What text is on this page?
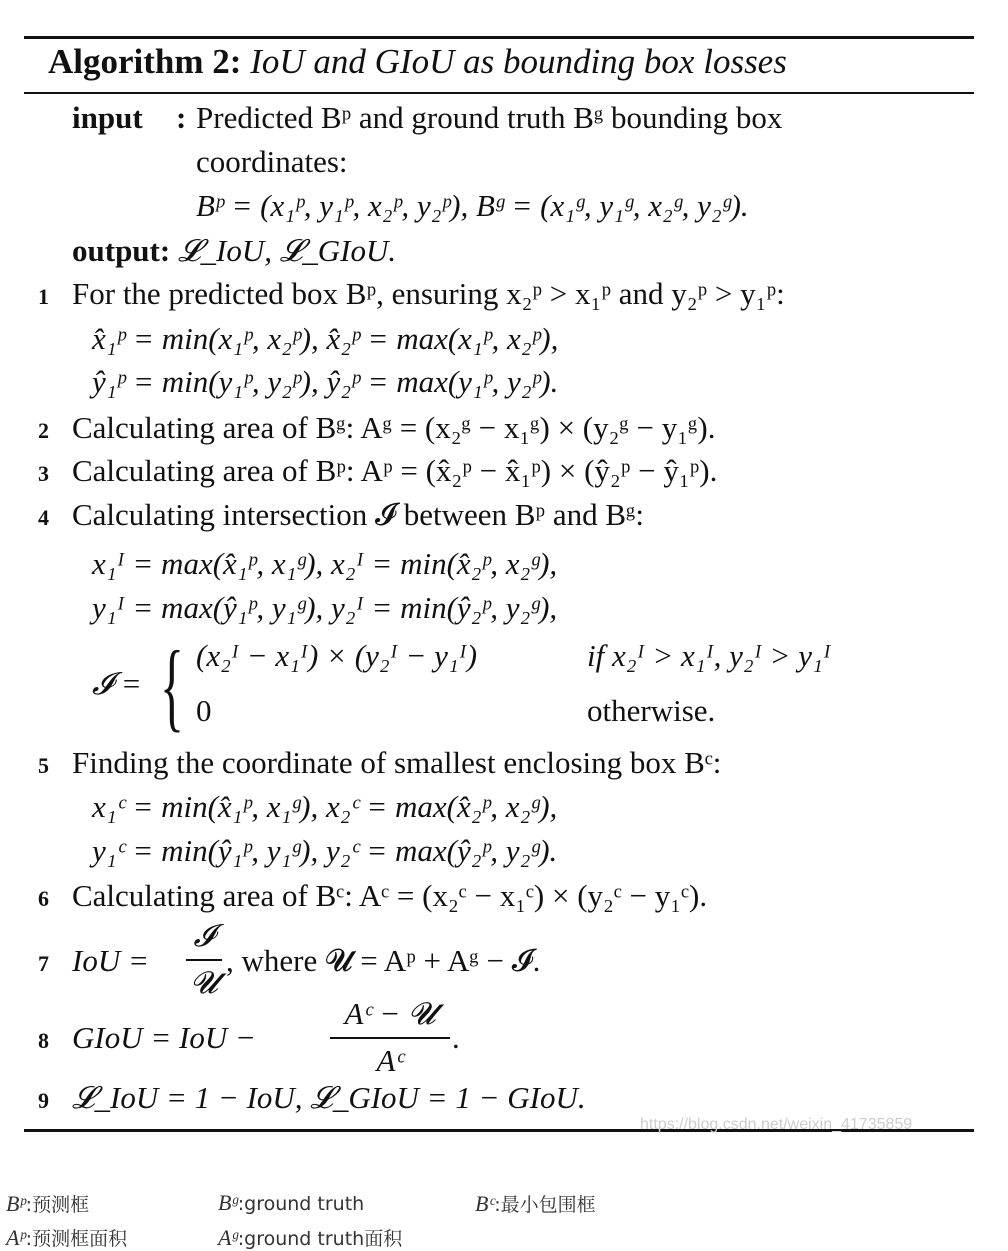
Algorithm 2: IoU and GIoU as bounding box losses
input : Predicted Bᵖ and ground truth Bᵍ bounding box
coordinates:
Bᵖ = (x₁ᵖ, y₁ᵖ, x₂ᵖ, y₂ᵖ), Bᵍ = (x₁ᵍ, y₁ᵍ, x₂ᵍ, y₂ᵍ).
output: 𝓛_IoU, 𝓛_GIoU.
1 For the predicted box Bᵖ, ensuring x₂ᵖ > x₁ᵖ and y₂ᵖ > y₁ᵖ:
x̂₁ᵖ = min(x₁ᵖ, x₂ᵖ), x̂₂ᵖ = max(x₁ᵖ, x₂ᵖ),
ŷ₁ᵖ = min(y₁ᵖ, y₂ᵖ), ŷ₂ᵖ = max(y₁ᵖ, y₂ᵖ).
2 Calculating area of Bᵍ: Aᵍ = (x₂ᵍ − x₁ᵍ) × (y₂ᵍ − y₁ᵍ).
3 Calculating area of Bᵖ: Aᵖ = (x̂₂ᵖ − x̂₁ᵖ) × (ŷ₂ᵖ − ŷ₁ᵖ).
4 Calculating intersection 𝓘 between Bᵖ and Bᵍ:
x₁ᴵ = max(x̂₁ᵖ, x₁ᵍ), x₂ᴵ = min(x̂₂ᵖ, x₂ᵍ),
y₁ᴵ = max(ŷ₁ᵖ, y₁ᵍ), y₂ᴵ = min(ŷ₂ᵖ, y₂ᵍ),
𝓘 = { (x₂ᴵ − x₁ᴵ) × (y₂ᴵ − y₁ᴵ)	if x₂ᴵ > x₁ᴵ, y₂ᴵ > y₁ᴵ
0	otherwise.
5 Finding the coordinate of smallest enclosing box Bᶜ:
x₁ᶜ = min(x̂₁ᵖ, x₁ᵍ), x₂ᶜ = max(x̂₂ᵖ, x₂ᵍ),
y₁ᶜ = min(ŷ₁ᵖ, y₁ᵍ), y₂ᶜ = max(ŷ₂ᵖ, y₂ᵍ).
6 Calculating area of Bᶜ: Aᶜ = (x₂ᶜ − x₁ᶜ) × (y₂ᶜ − y₁ᶜ).
7 IoU =
𝓘
𝓤
, where 𝓤 = Aᵖ + Aᵍ − 𝓘.
8 GIoU = IoU −
Aᶜ − 𝓤
Aᶜ
.
9 𝓛_IoU = 1 − IoU, 𝓛_GIoU = 1 − GIoU.
https://blog.csdn.net/weixin_41735859
Bᵖ:预测框	Bᵍ:ground truth	Bᶜ:最小包围框
Aᵖ:预测框面积	Aᵍ:ground truth面积
